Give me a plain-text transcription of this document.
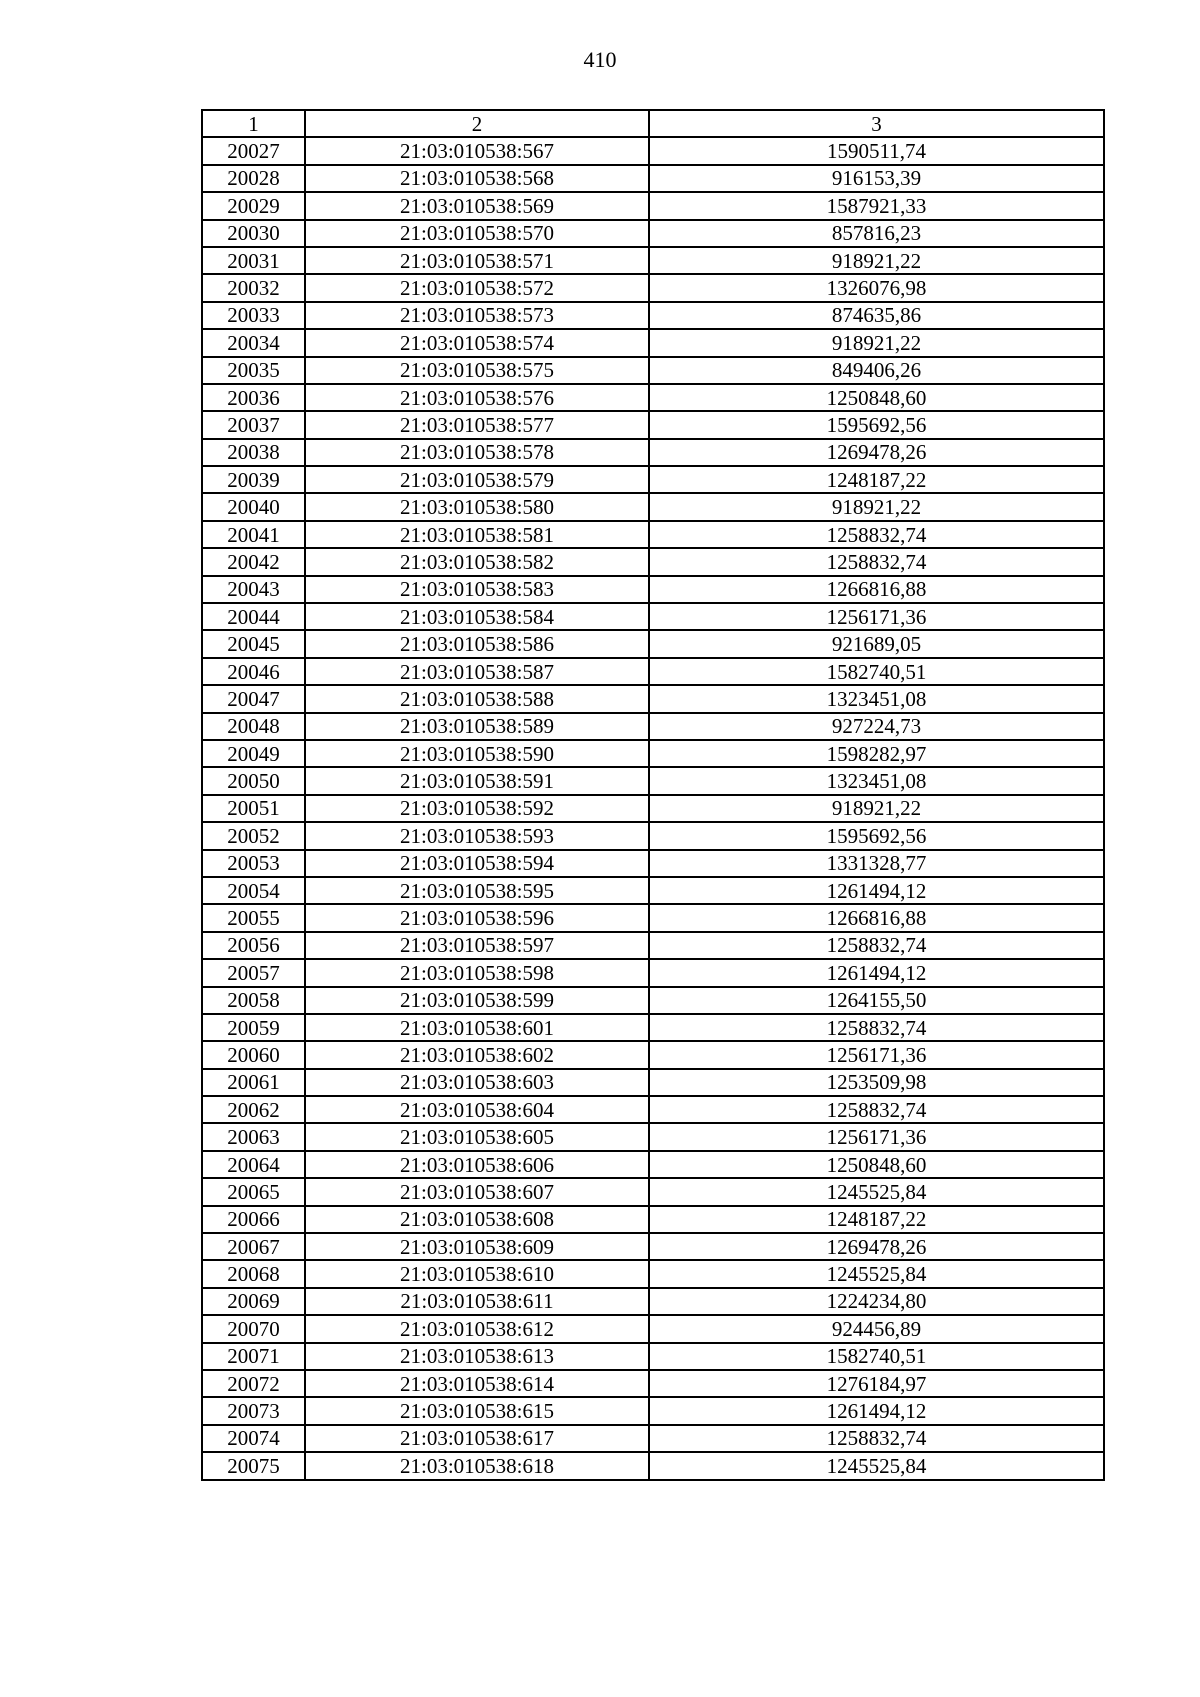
410
1	2	3
20027	21:03:010538:567	1590511,74
20028	21:03:010538:568	916153,39
20029	21:03:010538:569	1587921,33
20030	21:03:010538:570	857816,23
20031	21:03:010538:571	918921,22
20032	21:03:010538:572	1326076,98
20033	21:03:010538:573	874635,86
20034	21:03:010538:574	918921,22
20035	21:03:010538:575	849406,26
20036	21:03:010538:576	1250848,60
20037	21:03:010538:577	1595692,56
20038	21:03:010538:578	1269478,26
20039	21:03:010538:579	1248187,22
20040	21:03:010538:580	918921,22
20041	21:03:010538:581	1258832,74
20042	21:03:010538:582	1258832,74
20043	21:03:010538:583	1266816,88
20044	21:03:010538:584	1256171,36
20045	21:03:010538:586	921689,05
20046	21:03:010538:587	1582740,51
20047	21:03:010538:588	1323451,08
20048	21:03:010538:589	927224,73
20049	21:03:010538:590	1598282,97
20050	21:03:010538:591	1323451,08
20051	21:03:010538:592	918921,22
20052	21:03:010538:593	1595692,56
20053	21:03:010538:594	1331328,77
20054	21:03:010538:595	1261494,12
20055	21:03:010538:596	1266816,88
20056	21:03:010538:597	1258832,74
20057	21:03:010538:598	1261494,12
20058	21:03:010538:599	1264155,50
20059	21:03:010538:601	1258832,74
20060	21:03:010538:602	1256171,36
20061	21:03:010538:603	1253509,98
20062	21:03:010538:604	1258832,74
20063	21:03:010538:605	1256171,36
20064	21:03:010538:606	1250848,60
20065	21:03:010538:607	1245525,84
20066	21:03:010538:608	1248187,22
20067	21:03:010538:609	1269478,26
20068	21:03:010538:610	1245525,84
20069	21:03:010538:611	1224234,80
20070	21:03:010538:612	924456,89
20071	21:03:010538:613	1582740,51
20072	21:03:010538:614	1276184,97
20073	21:03:010538:615	1261494,12
20074	21:03:010538:617	1258832,74
20075	21:03:010538:618	1245525,84
